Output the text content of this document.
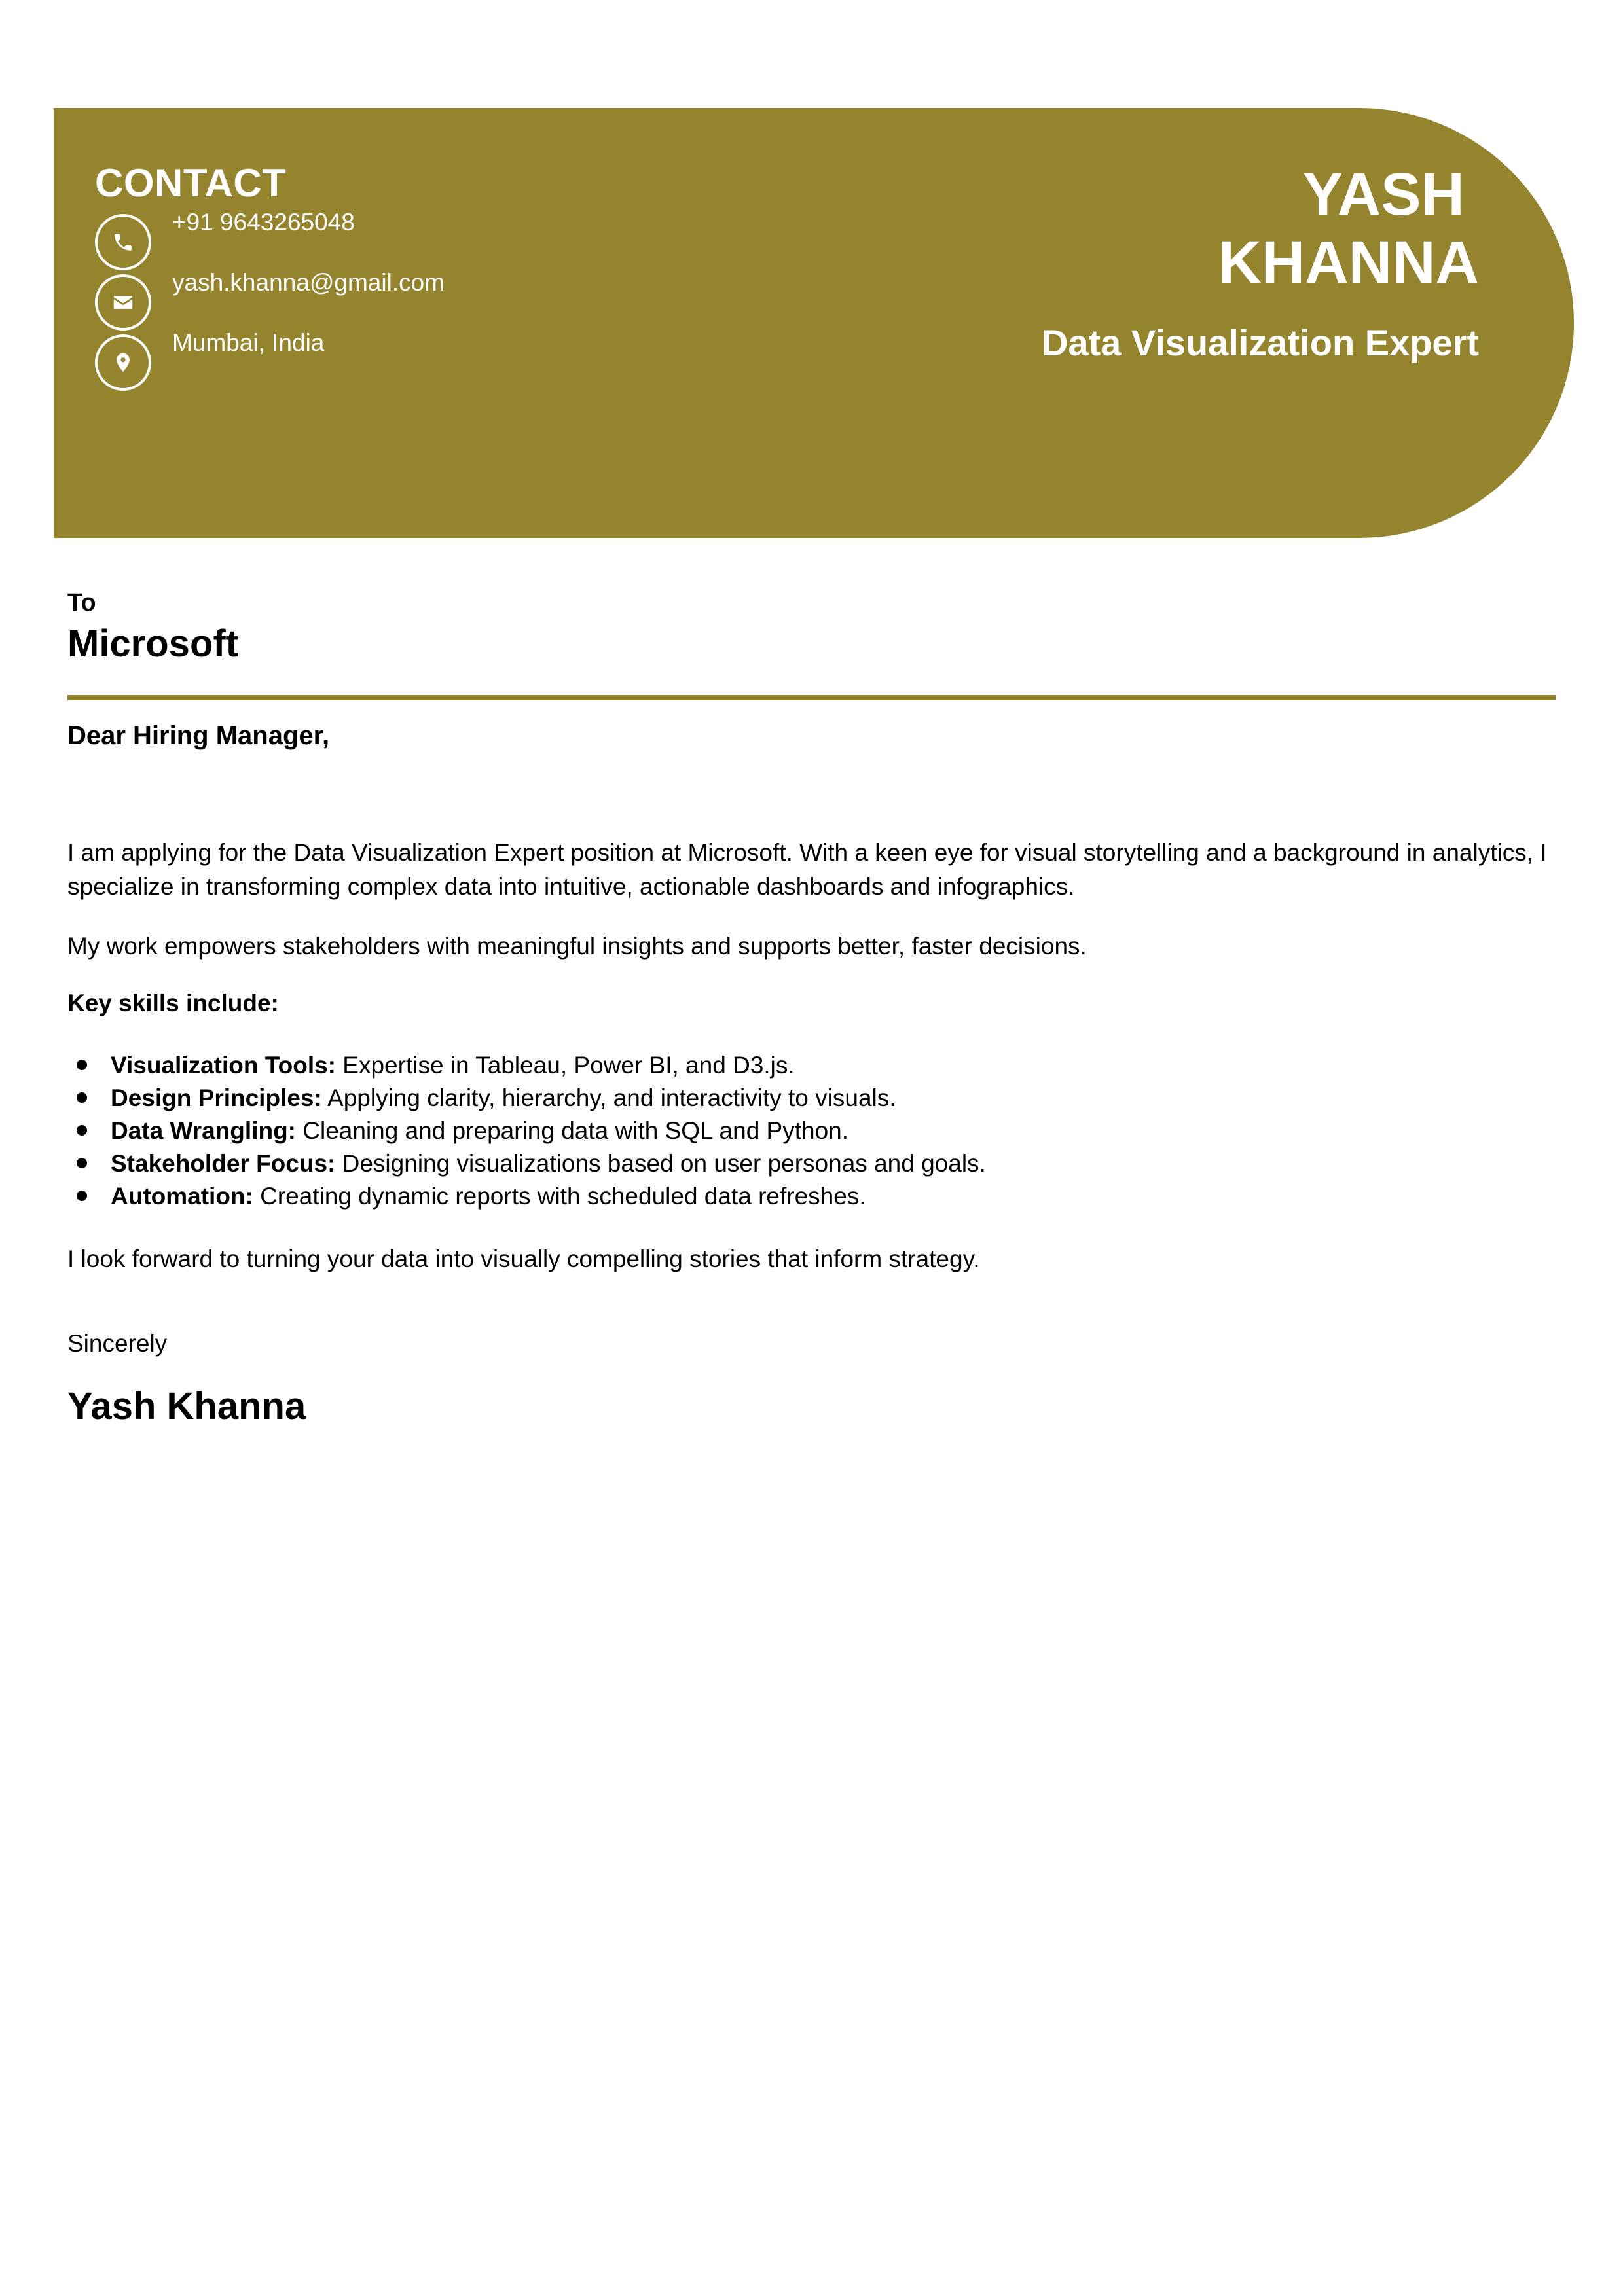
CONTACT
+91 9643265048
yash.khanna@gmail.com
Mumbai, India
YASH
KHANNA
Data Visualization Expert

To

Microsoft

Dear Hiring Manager,

I am applying for the Data Visualization Expert position at Microsoft. With a keen eye for visual storytelling and a background in analytics, I specialize in transforming complex data into intuitive, actionable dashboards and infographics.

My work empowers stakeholders with meaningful insights and supports better, faster decisions.

Key skills include:

Visualization Tools: Expertise in Tableau, Power BI, and D3.js.
Design Principles: Applying clarity, hierarchy, and interactivity to visuals.
Data Wrangling: Cleaning and preparing data with SQL and Python.
Stakeholder Focus: Designing visualizations based on user personas and goals.
Automation: Creating dynamic reports with scheduled data refreshes.

I look forward to turning your data into visually compelling stories that inform strategy.

Sincerely

Yash Khanna
